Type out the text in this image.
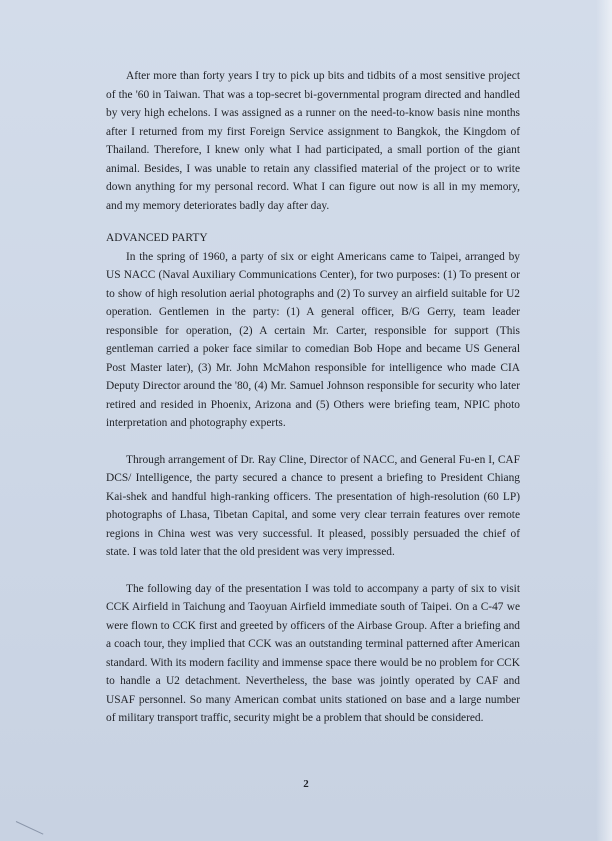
After more than forty years I try to pick up bits and tidbits of a most sensitive project of the '60 in Taiwan. That was a top-secret bi-governmental program directed and handled by very high echelons. I was assigned as a runner on the need-to-know basis nine months after I returned from my first Foreign Service assignment to Bangkok, the Kingdom of Thailand. Therefore, I knew only what I had participated, a small portion of the giant animal. Besides, I was unable to retain any classified material of the project or to write down anything for my personal record. What I can figure out now is all in my memory, and my memory deteriorates badly day after day.

ADVANCED PARTY

In the spring of 1960, a party of six or eight Americans came to Taipei, arranged by US NACC (Naval Auxiliary Communications Center), for two purposes: (1) To present or to show of high resolution aerial photographs and (2) To survey an airfield suitable for U2 operation. Gentlemen in the party: (1) A general officer, B/G Gerry, team leader responsible for operation, (2) A certain Mr. Carter, responsible for support (This gentleman carried a poker face similar to comedian Bob Hope and became US General Post Master later), (3) Mr. John McMahon responsible for intelligence who made CIA Deputy Director around the '80, (4) Mr. Samuel Johnson responsible for security who later retired and resided in Phoenix, Arizona and (5) Others were briefing team, NPIC photo interpretation and photography experts.

Through arrangement of Dr. Ray Cline, Director of NACC, and General Fu-en I, CAF DCS/ Intelligence, the party secured a chance to present a briefing to President Chiang Kai-shek and handful high-ranking officers. The presentation of high-resolution (60 LP) photographs of Lhasa, Tibetan Capital, and some very clear terrain features over remote regions in China west was very successful. It pleased, possibly persuaded the chief of state. I was told later that the old president was very impressed.

The following day of the presentation I was told to accompany a party of six to visit CCK Airfield in Taichung and Taoyuan Airfield immediate south of Taipei. On a C-47 we were flown to CCK first and greeted by officers of the Airbase Group. After a briefing and a coach tour, they implied that CCK was an outstanding terminal patterned after American standard. With its modern facility and immense space there would be no problem for CCK to handle a U2 detachment. Nevertheless, the base was jointly operated by CAF and USAF personnel. So many American combat units stationed on base and a large number of military transport traffic, security might be a problem that should be considered.

2
